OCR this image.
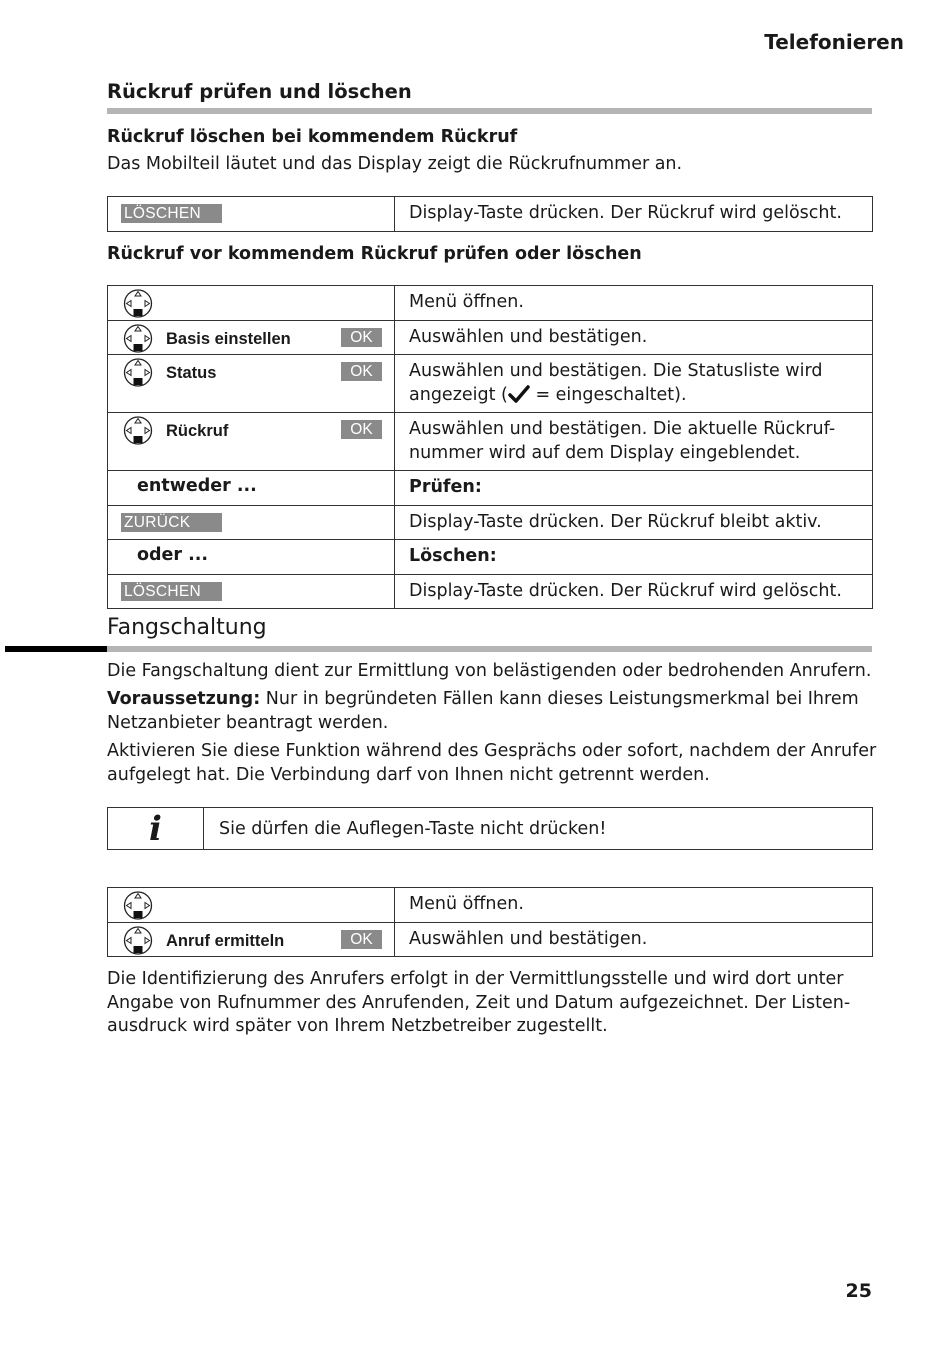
Telefonieren
Rückruf prüfen und löschen
Rückruf löschen bei kommendem Rückruf
Das Mobilteil läutet und das Display zeigt die Rückrufnummer an.
LÖSCHEN	Display-Taste drücken. Der Rückruf wird gelöscht.
Rückruf vor kommendem Rückruf prüfen oder löschen
	Menü öffnen.

Basis einstellen OK	Auswählen und bestätigen.

Status OK	Auswählen und bestätigen. Die Statusliste wird angezeigt ( = eingeschaltet).

Rückruf OK	Auswählen und bestätigen. Die aktuelle Rückruf-
nummer wird auf dem Display eingeblendet.

entweder ...	Prüfen:

ZURÜCK	Display-Taste drücken. Der Rückruf bleibt aktiv.

oder ...	Löschen:

LÖSCHEN	Display-Taste drücken. Der Rückruf wird gelöscht.
Fangschaltung
Die Fangschaltung dient zur Ermittlung von belästigenden oder bedrohenden Anrufern.
Voraussetzung: Nur in begründeten Fällen kann dieses Leistungsmerkmal bei Ihrem Netzanbieter beantragt werden.
Aktivieren Sie diese Funktion während des Gesprächs oder sofort, nachdem der Anrufer aufgelegt hat. Die Verbindung darf von Ihnen nicht getrennt werden.
i	Sie dürfen die Auflegen-Taste nicht drücken!
	Menü öffnen.

Anruf ermitteln OK	Auswählen und bestätigen.
Die Identifizierung des Anrufers erfolgt in der Vermittlungsstelle und wird dort unter
Angabe von Rufnummer des Anrufenden, Zeit und Datum aufgezeichnet. Der Listen-
ausdruck wird später von Ihrem Netzbetreiber zugestellt.
25
